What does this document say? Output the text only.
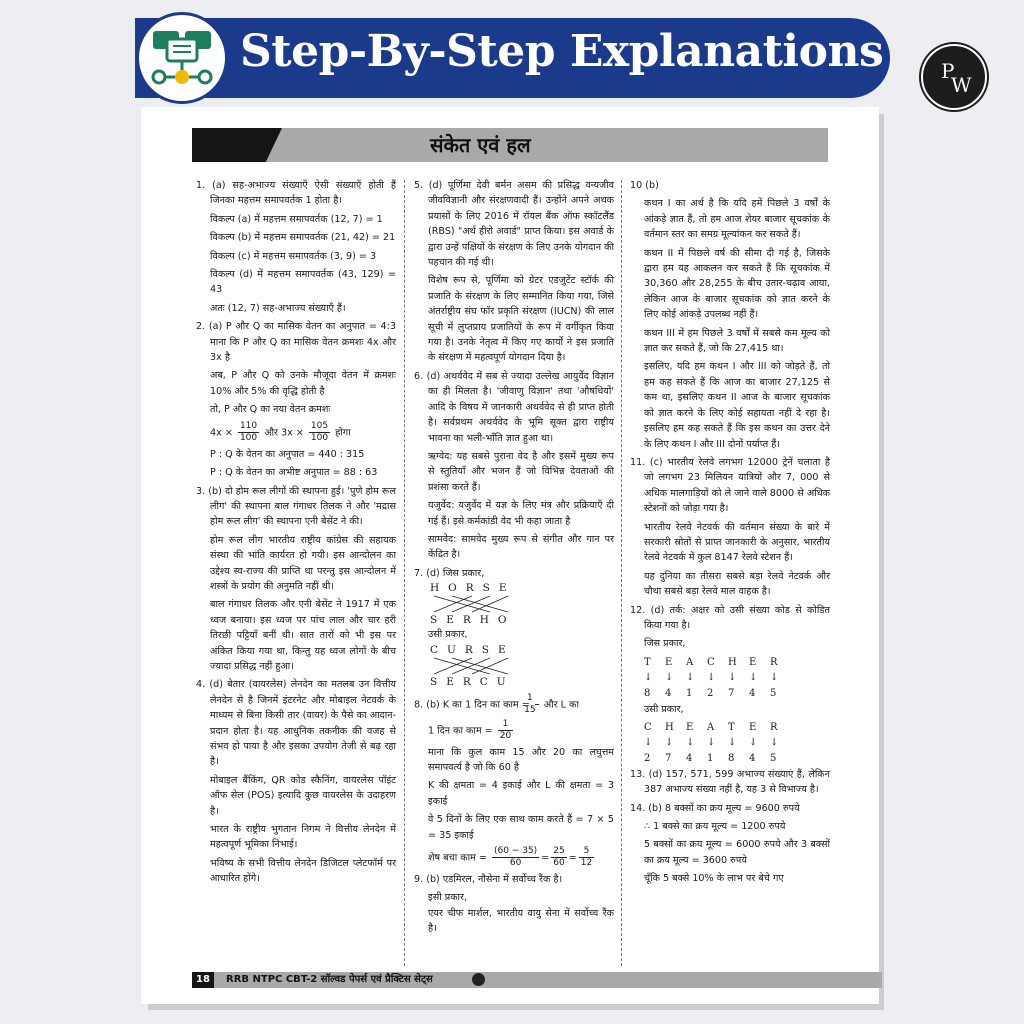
Step-By-Step Explanations	P
W
संकेत एवं हल

1. (a) सह-अभाज्य संख्याएँ ऐसी संख्याएँ होती हैं जिनका महत्तम समापवर्तक 1 होता है।

विकल्प (a) में महत्तम समापवर्तक (12, 7) = 1

विकल्प (b) में महत्तम समापवर्तक (21, 42) = 21

विकल्प (c) में महत्तम समापवर्तक (3, 9) = 3

विकल्प (d) में महत्तम समापवर्तक (43, 129) = 43

अतः (12, 7) सह-अभाज्य संख्याएँ हैं।

2. (a) P और Q का मासिक वेतन का अनुपात = 4:3 माना कि P और Q का मासिक वेतन क्रमशः 4x और 3x है

अब, P और Q को उनके मौजूदा वेतन में क्रमशः 10% और 5% की वृद्धि होती है

तो, P और Q का नया वेतन क्रमशः

$4x \times \frac{110}{100}$ और $3x \times \frac{105}{100}$ होगा

P : Q के वेतन का अनुपात = 440 : 315

P : Q के वेतन का अभीष्ट अनुपात = 88 : 63

3. (b) दो होम रूल लीगों की स्थापना हुई। 'पुणे होम रूल लीग' की स्थापना बाल गंगाधर तिलक ने और 'मद्रास होम रूल लीग' की स्थापना एनी बेसेंट ने की।

होम रूल लीग भारतीय राष्ट्रीय कांग्रेस की सहायक संस्था की भांति कार्यरत हो गयी। इस आन्दोलन का उद्देश्य स्व-राज्य की प्राप्ति था परन्तु इस आन्दोलन में शस्त्रों के प्रयोग की अनुमति नहीं थी।

बाल गंगाधर तिलक और एनी बेसेंट ने 1917 में एक ध्वज बनाया। इस ध्वज पर पांच लाल और चार हरी तिरछी पट्टियाँ बनीं थी। सात तारों को भी इस पर अंकित किया गया था, किन्तु यह ध्वज लोगों के बीच ज्यादा प्रसिद्ध नहीं हुआ।

4. (d) बेतार (वायरलेस) लेनदेन का मतलब उन वित्तीय लेनदेन से है जिनमें इंटरनेट और मोबाइल नेटवर्क के माध्यम से बिना किसी तार (वायर) के पैसे का आदान-प्रदान होता है। यह आधुनिक तकनीक की वजह से संभव हो पाया है और इसका उपयोग तेजी से बढ़ रहा है।

मोबाइल बैंकिंग, QR कोड स्कैनिंग, वायरलेस पॉइंट ऑफ सेल (POS) इत्यादि कुछ वायरलेस के उदाहरण है।

भारत के राष्ट्रीय भुगतान निगम ने वित्तीय लेनदेन में महत्वपूर्ण भूमिका निभाई।

भविष्य के सभी वित्तीय लेनदेन डिजिटल प्लेटफॉर्म पर आधारित होंगे।

5. (d) पूर्णिमा देवी बर्मन असम की प्रसिद्ध वन्यजीव जीवविज्ञानी और संरक्षणवादी हैं। उन्होंने अपने अथक प्रयासों के लिए 2016 में रॉयल बैंक ऑफ स्कॉटलैंड (RBS) "अर्थ हीरो अवार्ड" प्राप्त किया। इस अवार्ड के द्वारा उन्हें पक्षियों के संरक्षण के लिए उनके योगदान की पहचान की गई थी।

विशेष रूप से, पूर्णिमा को ग्रेटर एडजुटेंट स्टॉर्क की प्रजाति के संरक्षण के लिए सम्मानित किया गया, जिसे अंतर्राष्ट्रीय संघ फॉर प्रकृति संरक्षण (IUCN) की लाल सूची में लुप्तप्राय प्रजातियों के रूप में वर्गीकृत किया गया है। उनके नेतृत्व में किए गए कार्यों ने इस प्रजाति के संरक्षण में महत्वपूर्ण योगदान दिया है।

6. (d) अथर्ववेद में सब से ज्यादा उल्लेख आयुर्वेद विज्ञान का ही मिलता है। 'जीवाणु विज्ञान' तथा 'औषधियों' आदि के विषय में जानकारी अथर्ववेद से ही प्राप्त होती है। सर्वप्रथम अथर्ववेद के भूमि सूक्त द्वारा राष्ट्रीय भावना का भली-भाँति ज्ञात हुआ था।

ऋग्वेद: यह सबसे पुराना वेद है और इसमें मुख्य रूप से स्तुतियाँ और भजन हैं जो विभिन्न देवताओं की प्रशंसा करते हैं।

यजुर्वेद: यजुर्वेद में यज्ञ के लिए मंत्र और प्रक्रियाएँ दी गई हैं। इसे कर्मकांडी वेद भी कहा जाता है

सामवेद: सामवेद मुख्य रूप से संगीत और गान पर केंद्रित है।

7. (d) जिस प्रकार,

HORSE
SERHO

उसी प्रकार,

CURSE
SERCU

8. (b) K का 1 दिन का काम = $\frac{1}{15}$ और L का

1 दिन का काम = $\frac{1}{20}$

माना कि कुल काम 15 और 20 का लघुत्तम समापवर्त्य है जो कि 60 है

K की क्षमता = 4 इकाई और L की क्षमता = 3 इकाई

वे 5 दिनों के लिए एक साथ काम करते हैं = 7 × 5 = 35 इकाई

शेष बचा काम = $\frac{(60 - 35)}{60} = \frac{25}{60} = \frac{5}{12}$

9. (b) एडमिरल, नौसेना में सर्वोच्च रैंक है।

इसी प्रकार,

एयर चीफ मार्शल, भारतीय वायु सेना में सर्वोच्च रैंक है।

10 (b)

कथन I का अर्थ है कि यदि हमें पिछले 3 वर्षों के आंकड़े ज्ञात हैं, तो हम आज शेयर बाजार सूचकांक के वर्तमान स्तर का समग्र मूल्यांकन कर सकते हैं।

कथन II में पिछले वर्ष की सीमा दी गई है, जिसके द्वारा हम यह आकलन कर सकते हैं कि सूचकांक में 30,360 और 28,255 के बीच उतार-चढ़ाव आया, लेकिन आज के बाजार सूचकांक को ज्ञात करने के लिए कोई आंकड़े उपलब्ध नहीं हैं।

कथन III में हम पिछले 3 वर्षों में सबसे कम मूल्य को ज्ञात कर सकते हैं, जो कि 27,415 था।

इसलिए, यदि हम कथन I और III को जोड़ते हैं, तो हम कह सकते हैं कि आज का बाजार 27,125 से कम था, इसलिए कथन II आज के बाजार सूचकांक को ज्ञात करने के लिए कोई सहायता नहीं दे रहा है। इसलिए हम कह सकते हैं कि इस कथन का उत्तर देने के लिए कथन I और III दोनों पर्याप्त हैं।

11. (c) भारतीय रेलवे लगभग 12000 ट्रेनें चलाता है जो लगभग 23 मिलियन यात्रियों और 7, 000 से अधिक मालगाड़ियों को ले जाने वाले 8000 से अधिक स्टेशनों को जोड़ा गया है।

भारतीय रेलवे नेटवर्क की वर्तमान संख्या के बारे में सरकारी स्रोतों से प्राप्त जानकारी के अनुसार, भारतीय रेलवे नेटवर्क में कुल 8147 रेलवे स्टेशन हैं।

यह दुनिया का तीसरा सबसे बड़ा रेलवे नेटवर्क और चौथा सबसे बड़ा रेलवे माल वाहक है।

12. (d) तर्क: अक्षर को उसी संख्या कोड से कोडित किया गया है।

जिस प्रकार,

T	E	A	C	H	E	R
↓	↓	↓	↓	↓	↓	↓
8	4	1	2	7	4	5

उसी प्रकार,

C	H	E	A	T	E	R
↓	↓	↓	↓	↓	↓	↓
2	7	4	1	8	4	5

13. (d) 157, 571, 599 अभाज्य संख्याएं हैं, लेकिन 387 अभाज्य संख्या नहीं है, यह 3 से विभाज्य है।

14. (b) 8 बक्सों का क्रय मूल्य = 9600 रुपये

∴ 1 बक्से का क्रय मूल्य = 1200 रुपये

5 बक्सों का क्रय मूल्य = 6000 रुपये और 3 बक्सों का क्रय मूल्य = 3600 रुपये

चूँकि 5 बक्से 10% के लाभ पर बेचे गए

18	RRB NTPC CBT-2 सॉल्वड पेपर्स एवं प्रैक्टिस सेट्स
